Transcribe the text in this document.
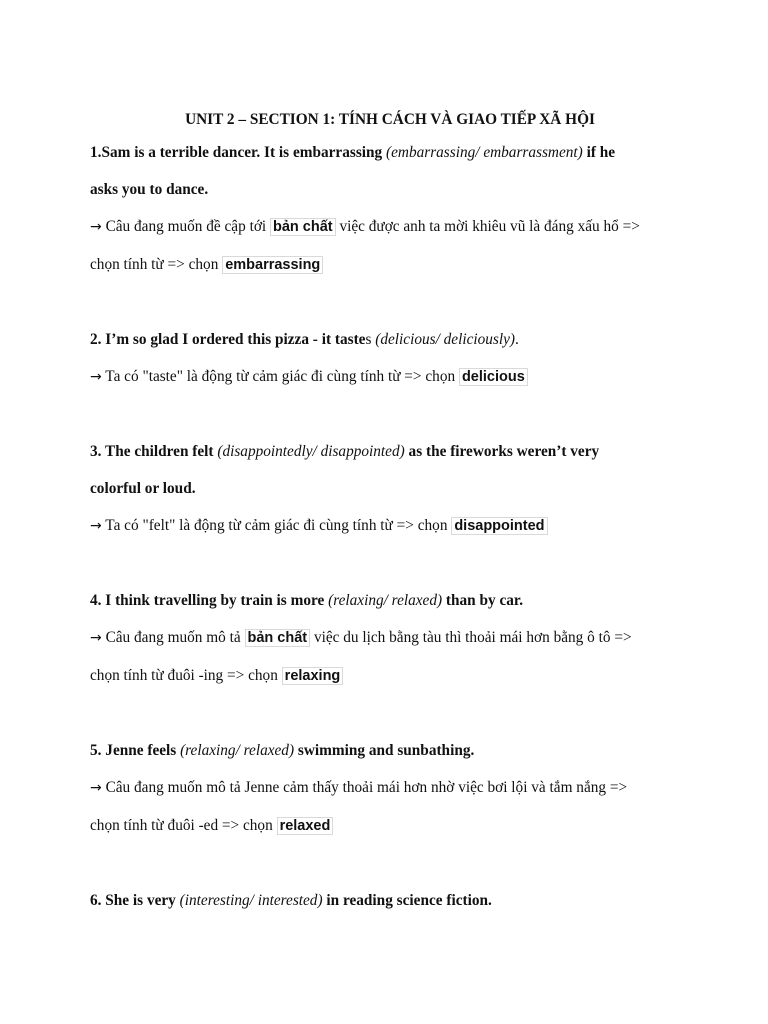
UNIT 2 – SECTION 1: TÍNH CÁCH VÀ GIAO TIẾP XÃ HỘI

1.Sam is a terrible dancer. It is embarrassing (embarrassing/ embarrassment) if he

asks you to dance.

→ Câu đang muốn đề cập tới bản chất việc được anh ta mời khiêu vũ là đáng xấu hổ =>

chọn tính từ => chọn embarrassing

2. I’m so glad I ordered this pizza - it tastes (delicious/ deliciously).

→ Ta có "taste" là động từ cảm giác đi cùng tính từ => chọn delicious

3. The children felt (disappointedly/ disappointed) as the fireworks weren’t very

colorful or loud.

→ Ta có "felt" là động từ cảm giác đi cùng tính từ => chọn disappointed

4. I think travelling by train is more (relaxing/ relaxed) than by car.

→ Câu đang muốn mô tả bản chất việc du lịch bằng tàu thì thoải mái hơn bằng ô tô =>

chọn tính từ đuôi -ing => chọn relaxing

5. Jenne feels (relaxing/ relaxed) swimming and sunbathing.

→ Câu đang muốn mô tả Jenne cảm thấy thoải mái hơn nhờ việc bơi lội và tắm nắng =>

chọn tính từ đuôi -ed => chọn relaxed

6. She is very (interesting/ interested) in reading science fiction.
